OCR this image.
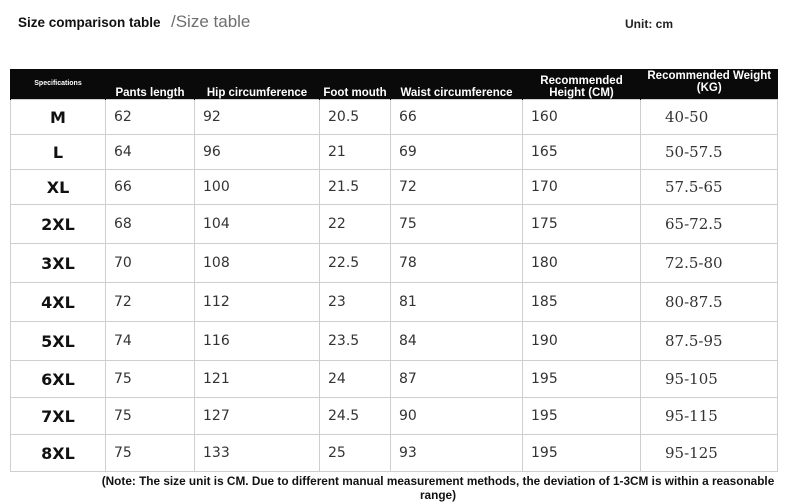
Size comparison table /Size table	Unit: cm
Specifications	Pants length	Hip circumference	Foot mouth	Waist circumference	Recommended Height (CM)	Recommended Weight (KG)
M	62	92	20.5	66	160	40-50
L	64	96	21	69	165	50-57.5
XL	66	100	21.5	72	170	57.5-65
2XL	68	104	22	75	175	65-72.5
3XL	70	108	22.5	78	180	72.5-80
4XL	72	112	23	81	185	80-87.5
5XL	74	116	23.5	84	190	87.5-95
6XL	75	121	24	87	195	95-105
7XL	75	127	24.5	90	195	95-115
8XL	75	133	25	93	195	95-125
(Note: The size unit is CM. Due to different manual measurement methods, the deviation of 1-3CM is within a reasonable
range)
